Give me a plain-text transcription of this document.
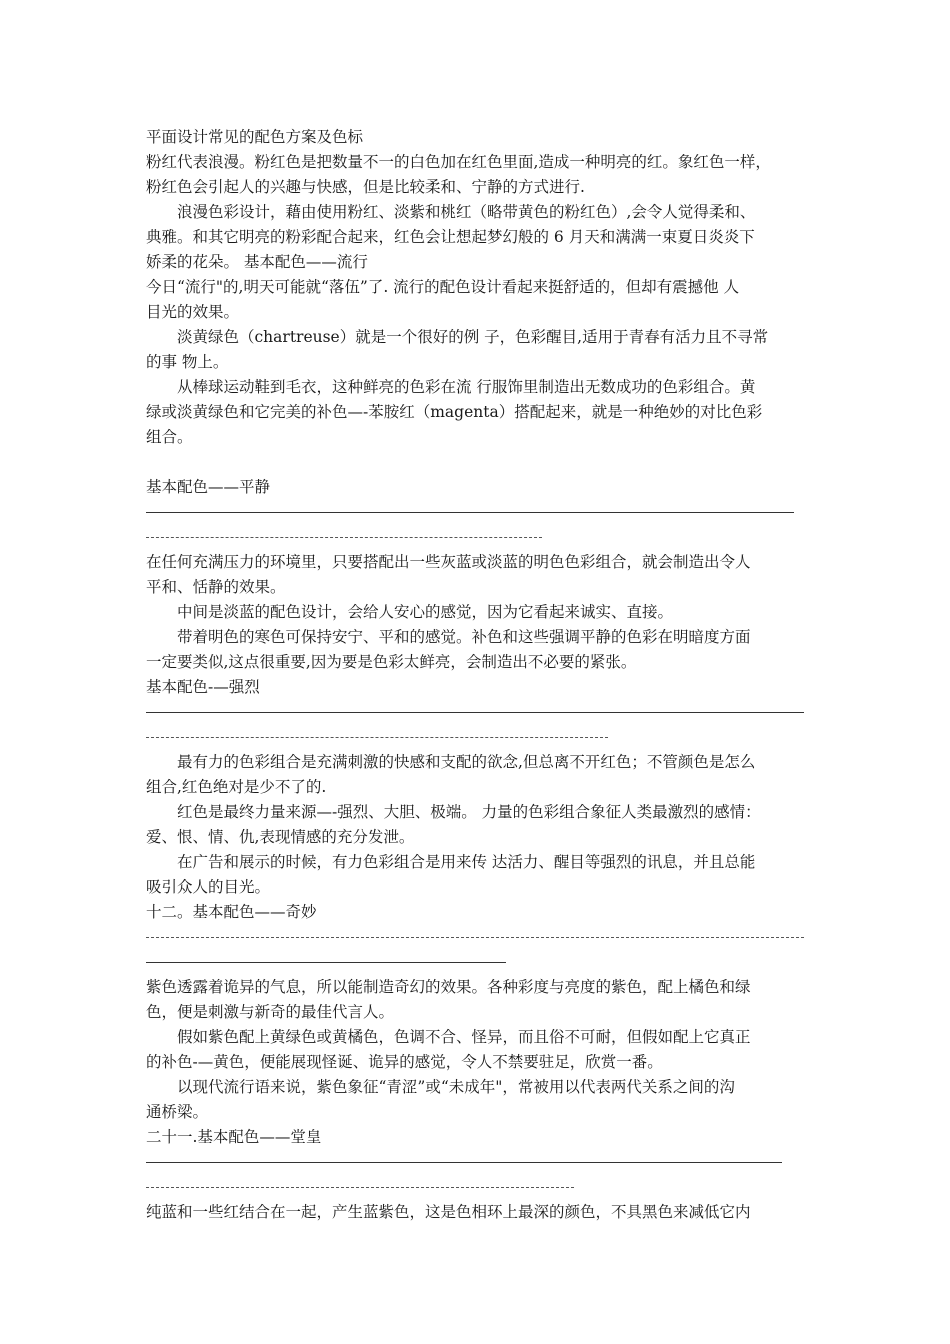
平面设计常见的配色方案及色标
粉红代表浪漫。粉红色是把数量不一的白色加在红色里面,造成一种明亮的红。象红色一样，
粉红色会引起人的兴趣与快感，但是比较柔和、宁静的方式进行.
浪漫色彩设计，藉由使用粉红、淡紫和桃红（略带黄色的粉红色）,会令人觉得柔和、
典雅。和其它明亮的粉彩配合起来，红色会让想起梦幻般的 6 月天和满满一束夏日炎炎下
娇柔的花朵。 基本配色——流行
今日“流行"的,明天可能就“落伍”了. 流行的配色设计看起来挺舒适的，但却有震撼他 人
目光的效果。
淡黄绿色（chartreuse）就是一个很好的例 子，色彩醒目,适用于青春有活力且不寻常
的事 物上。
从棒球运动鞋到毛衣，这种鲜亮的色彩在流 行服饰里制造出无数成功的色彩组合。黄
绿或淡黄绿色和它完美的补色—-苯胺红（magenta）搭配起来，就是一种绝妙的对比色彩
组合。
基本配色——平静
在任何充满压力的环境里，只要搭配出一些灰蓝或淡蓝的明色色彩组合，就会制造出令人
平和、恬静的效果。
中间是淡蓝的配色设计，会给人安心的感觉，因为它看起来诚实、直接。
带着明色的寒色可保持安宁、平和的感觉。补色和这些强调平静的色彩在明暗度方面
一定要类似,这点很重要,因为要是色彩太鲜亮，会制造出不必要的紧张。
基本配色-—强烈
最有力的色彩组合是充满刺激的快感和支配的欲念,但总离不开红色；不管颜色是怎么
组合,红色绝对是少不了的.
红色是最终力量来源—-强烈、大胆、极端。 力量的色彩组合象征人类最激烈的感情：
爱、恨、情、仇,表现情感的充分发泄。
在广告和展示的时候，有力色彩组合是用来传 达活力、醒目等强烈的讯息，并且总能
吸引众人的目光。
十二。基本配色——奇妙
紫色透露着诡异的气息，所以能制造奇幻的效果。各种彩度与亮度的紫色，配上橘色和绿
色，便是刺激与新奇的最佳代言人。
假如紫色配上黄绿色或黄橘色，色调不合、怪异，而且俗不可耐，但假如配上它真正
的补色-—黄色，便能展现怪诞、诡异的感觉，令人不禁要驻足，欣赏一番。
以现代流行语来说，紫色象征“青涩”或“未成年"，常被用以代表两代关系之间的沟
通桥梁。
二十一.基本配色——堂皇
纯蓝和一些红结合在一起，产生蓝紫色，这是色相环上最深的颜色，不具黑色来减低它内
